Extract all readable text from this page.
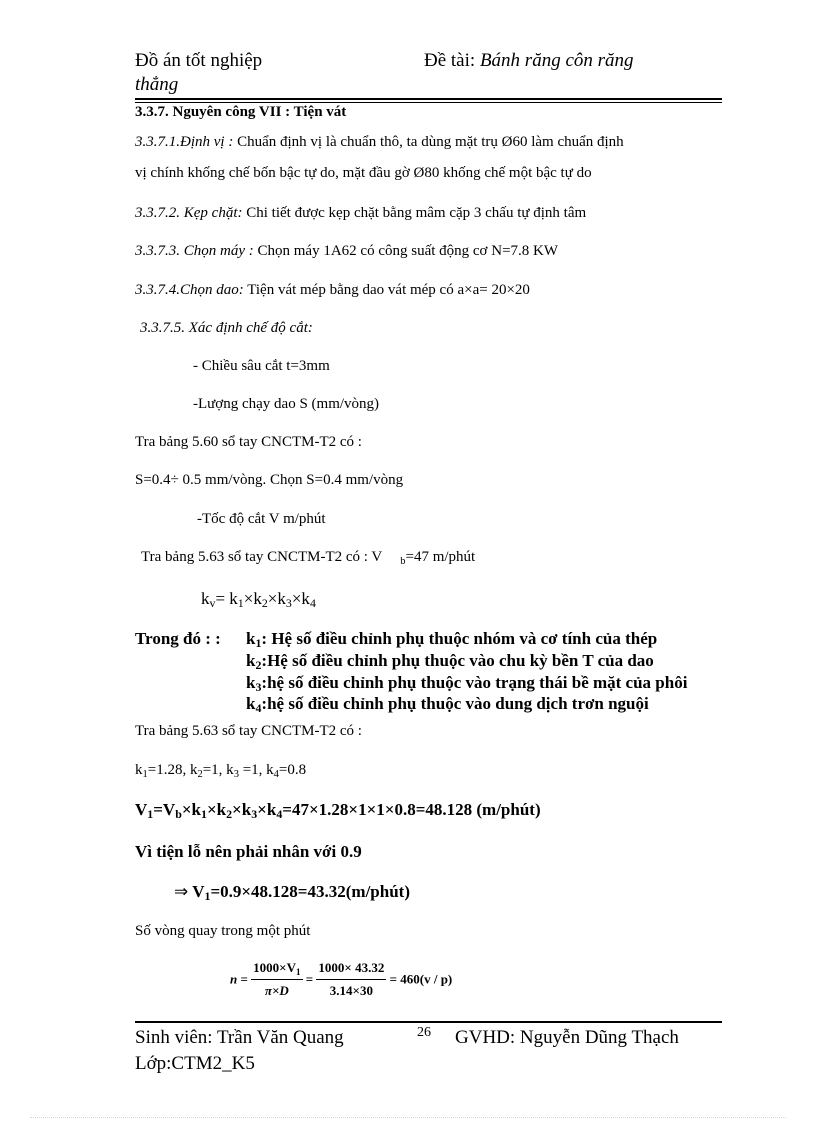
Đồ án tốt nghiệp	Đề tài: Bánh răng côn răng
thẳng
3.3.7. Nguyên công VII : Tiện vát
3.3.7.1.Định vị : Chuẩn định vị là chuẩn thô, ta dùng mặt trụ Ø60 làm chuẩn định
vị chính khống chế bốn bậc tự do, mặt đầu gờ Ø80 khống chế một bậc tự do
3.3.7.2. Kẹp chặt: Chi tiết được kẹp chặt bằng mâm cặp 3 chấu tự định tâm
3.3.7.3. Chọn máy : Chọn máy 1A62 có công suất động cơ N=7.8 KW
3.3.7.4.Chọn dao: Tiện vát mép bằng dao vát mép có a×a= 20×20
3.3.7.5. Xác định chế độ cắt:
- Chiều sâu cắt t=3mm
-Lượng chạy dao S (mm/vòng)
Tra bảng 5.60 sổ tay CNCTM-T2 có :
S=0.4÷ 0.5 mm/vòng. Chọn S=0.4 mm/vòng
-Tốc độ cắt V m/phút
Tra bảng 5.63 sổ tay CNCTM-T2 có : V $_b$=47 m/phút
$k_v= k_1\times k_2\times k_3\times k_4$
Trong đó : : $k_1$: Hệ số điều chỉnh phụ thuộc nhóm và cơ tính của thép
$k_2:Hệ$ số điều chỉnh phụ thuộc vào chu kỳ bền T của dao
$k_3:hệ$ số điều chỉnh phụ thuộc vào trạng thái bề mặt của phôi
$k_4:hệ$ số điều chỉnh phụ thuộc vào dung dịch trơn nguội
Tra bảng 5.63 sổ tay CNCTM-T2 có :
$k_1=1.28$, $k_2=1$, $k_3 =1$, $k_4=0.8$
$V_1=V_b\times k_1\times k_2\times k_3\times k_4=47\times 1.28\times 1\times 1\times 0.8=48.128$ (m/phút)
Vì tiện lỗ nên phải nhân với 0.9
⇒ $V_1=0.9\times 48.128=43.32(m/phút)$
Số vòng quay trong một phút
$n = \frac{1000\times V_1}{\pi\times D} = \frac{1000\times 43.32}{3.14\times 30} = 460(v / p)$
Sinh viên: Trần Văn Quang	26 GVHD: Nguyễn Dũng Thạch
Lớp:CTM2_K5
